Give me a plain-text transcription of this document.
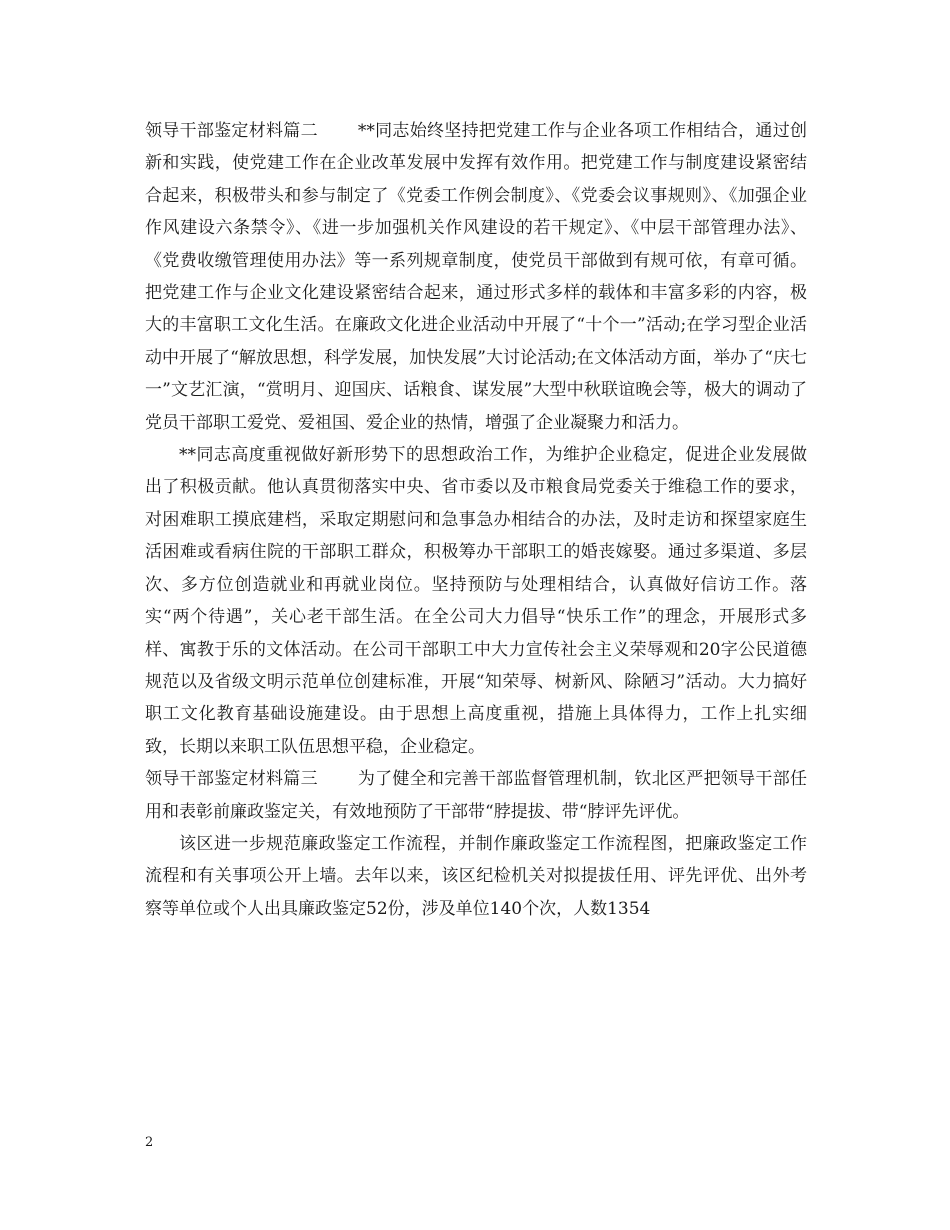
领导干部鉴定材料篇二 **同志始终坚持把党建工作与企业各项工作相结合，通过创新和实践，使党建工作在企业改革发展中发挥有效作用。把党建工作与制度建设紧密结合起来，积极带头和参与制定了《党委工作例会制度》、《党委会议事规则》、《加强企业作风建设六条禁令》、《进一步加强机关作风建设的若干规定》、《中层干部管理办法》、《党费收缴管理使用办法》等一系列规章制度，使党员干部做到有规可依，有章可循。把党建工作与企业文化建设紧密结合起来，通过形式多样的载体和丰富多彩的内容，极大的丰富职工文化生活。在廉政文化进企业活动中开展了“十个一”活动;在学习型企业活动中开展了“解放思想，科学发展，加快发展”大讨论活动;在文体活动方面，举办了“庆七一”文艺汇演，“赏明月、迎国庆、话粮食、谋发展”大型中秋联谊晚会等，极大的调动了党员干部职工爱党、爱祖国、爱企业的热情，增强了企业凝聚力和活力。

**同志高度重视做好新形势下的思想政治工作，为维护企业稳定，促进企业发展做出了积极贡献。他认真贯彻落实中央、省市委以及市粮食局党委关于维稳工作的要求，对困难职工摸底建档，采取定期慰问和急事急办相结合的办法，及时走访和探望家庭生活困难或看病住院的干部职工群众，积极筹办干部职工的婚丧嫁娶。通过多渠道、多层次、多方位创造就业和再就业岗位。坚持预防与处理相结合，认真做好信访工作。落实“两个待遇”，关心老干部生活。在全公司大力倡导“快乐工作”的理念，开展形式多样、寓教于乐的文体活动。在公司干部职工中大力宣传社会主义荣辱观和20字公民道德规范以及省级文明示范单位创建标准，开展“知荣辱、树新风、除陋习”活动。大力搞好职工文化教育基础设施建设。由于思想上高度重视，措施上具体得力，工作上扎实细致，长期以来职工队伍思想平稳，企业稳定。

领导干部鉴定材料篇三 为了健全和完善干部监督管理机制，钦北区严把领导干部任用和表彰前廉政鉴定关，有效地预防了干部带“脖提拔、带“脖评先评优。

该区进一步规范廉政鉴定工作流程，并制作廉政鉴定工作流程图，把廉政鉴定工作流程和有关事项公开上墙。去年以来，该区纪检机关对拟提拔任用、评先评优、出外考察等单位或个人出具廉政鉴定52份，涉及单位140个次，人数1354

2
